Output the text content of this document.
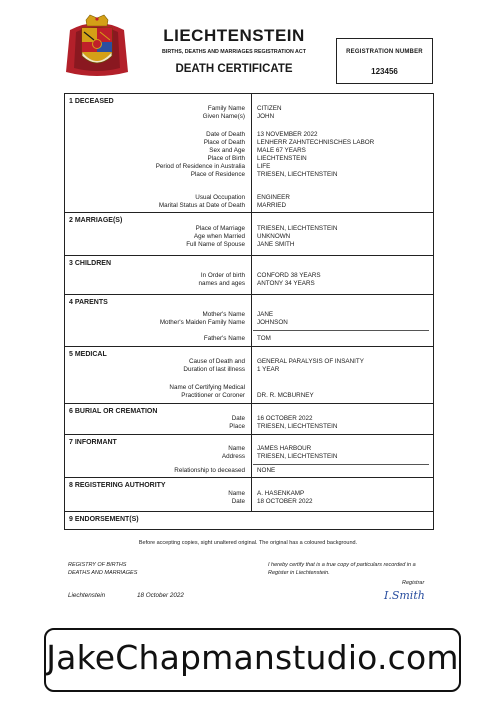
LIECHTENSTEIN
BIRTHS, DEATHS AND MARRIAGES REGISTRATION ACT
DEATH CERTIFICATE
REGISTRATION NUMBER
123456
1 DECEASED
Family Name	CITIZEN
Given Name(s)	JOHN
Date of Death	13 NOVEMBER 2022
Place of Death	LENHERR ZAHNTECHNISCHES LABOR
Sex and Age	MALE 67 YEARS
Place of Birth	LIECHTENSTEIN
Period of Residence in Australia	LIFE
Place of Residence	TRIESEN, LIECHTENSTEIN
Usual Occupation	ENGINEER
Marital Status at Date of Death	MARRIED
2 MARRIAGE(S)
Place of Marriage	TRIESEN, LIECHTENSTEIN
Age when Married	UNKNOWN
Full Name of Spouse	JANE SMITH
3 CHILDREN
In Order of birth	CONFORD 38 YEARS
names and ages	ANTONY 34 YEARS
4 PARENTS
Mother's Name	JANE
Mother's Maiden Family Name	JOHNSON
Father's Name	TOM
5 MEDICAL
Cause of Death and	GENERAL PARALYSIS OF INSANITY
Duration of last illness	1 YEAR
Name of Certifying Medical
Practitioner or Coroner	DR. R. MCBURNEY
6 BURIAL OR CREMATION
Date	16 OCTOBER 2022
Place	TRIESEN, LIECHTENSTEIN
7 INFORMANT
Name	JAMES HARBOUR
Address	TRIESEN, LIECHTENSTEIN
Relationship to deceased	NONE
8 REGISTERING AUTHORITY
Name	A. HASENKAMP
Date	18 OCTOBER 2022
9 ENDORSEMENT(S)
Before accepting copies, sight unaltered original. The original has a coloured background.
REGISTRY OF BIRTHS
DEATHS AND MARRIAGES
I hereby certify that is a true copy of particulars recorded in a
Register in Liechtenstein.
Registrar
I.Smith
Liechtenstein	18 October 2022
JakeChapmanstudio.com
